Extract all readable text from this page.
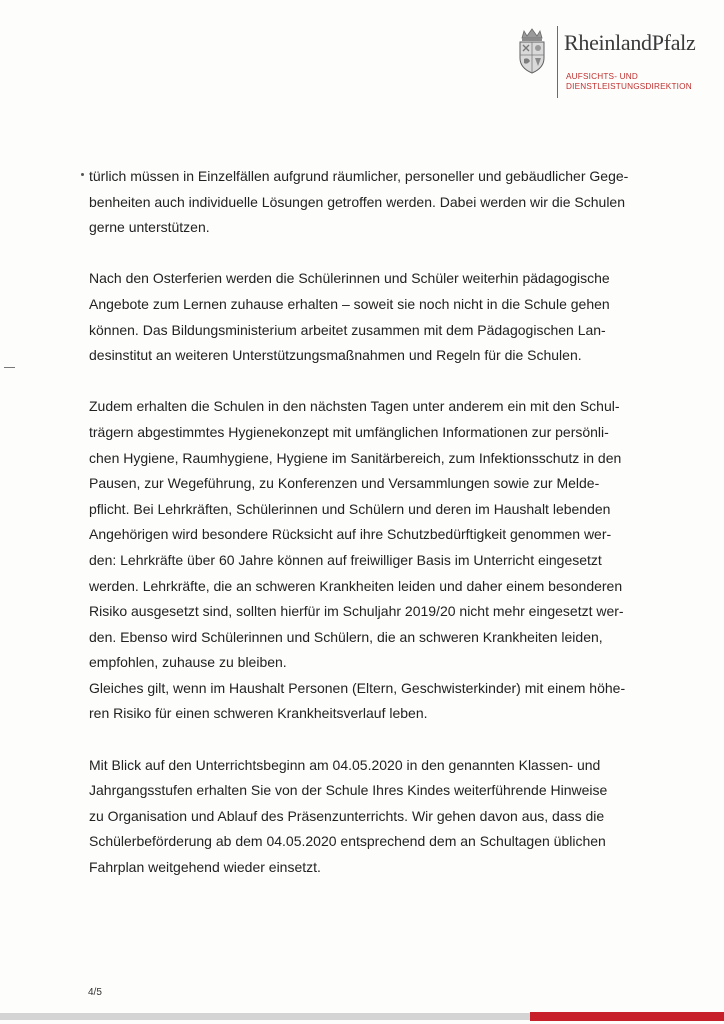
RheinlandPfalz
AUFSICHTS- UND
DIENSTLEISTUNGSDIREKTION

türlich müssen in Einzelfällen aufgrund räumlicher, personeller und gebäudlicher Gege-
benheiten auch individuelle Lösungen getroffen werden. Dabei werden wir die Schulen
gerne unterstützen.

Nach den Osterferien werden die Schülerinnen und Schüler weiterhin pädagogische
Angebote zum Lernen zuhause erhalten – soweit sie noch nicht in die Schule gehen
können. Das Bildungsministerium arbeitet zusammen mit dem Pädagogischen Lan-
desinstitut an weiteren Unterstützungsmaßnahmen und Regeln für die Schulen.

Zudem erhalten die Schulen in den nächsten Tagen unter anderem ein mit den Schul-
trägern abgestimmtes Hygienekonzept mit umfänglichen Informationen zur persönli-
chen Hygiene, Raumhygiene, Hygiene im Sanitärbereich, zum Infektionsschutz in den
Pausen, zur Wegeführung, zu Konferenzen und Versammlungen sowie zur Melde-
pflicht. Bei Lehrkräften, Schülerinnen und Schülern und deren im Haushalt lebenden
Angehörigen wird besondere Rücksicht auf ihre Schutzbedürftigkeit genommen wer-
den: Lehrkräfte über 60 Jahre können auf freiwilliger Basis im Unterricht eingesetzt
werden. Lehrkräfte, die an schweren Krankheiten leiden und daher einem besonderen
Risiko ausgesetzt sind, sollten hierfür im Schuljahr 2019/20 nicht mehr eingesetzt wer-
den. Ebenso wird Schülerinnen und Schülern, die an schweren Krankheiten leiden,
empfohlen, zuhause zu bleiben.

Gleiches gilt, wenn im Haushalt Personen (Eltern, Geschwisterkinder) mit einem höhe-
ren Risiko für einen schweren Krankheitsverlauf leben.

Mit Blick auf den Unterrichtsbeginn am 04.05.2020 in den genannten Klassen- und
Jahrgangsstufen erhalten Sie von der Schule Ihres Kindes weiterführende Hinweise
zu Organisation und Ablauf des Präsenzunterrichts. Wir gehen davon aus, dass die
Schülerbeförderung ab dem 04.05.2020 entsprechend dem an Schultagen üblichen
Fahrplan weitgehend wieder einsetzt.

4/5
